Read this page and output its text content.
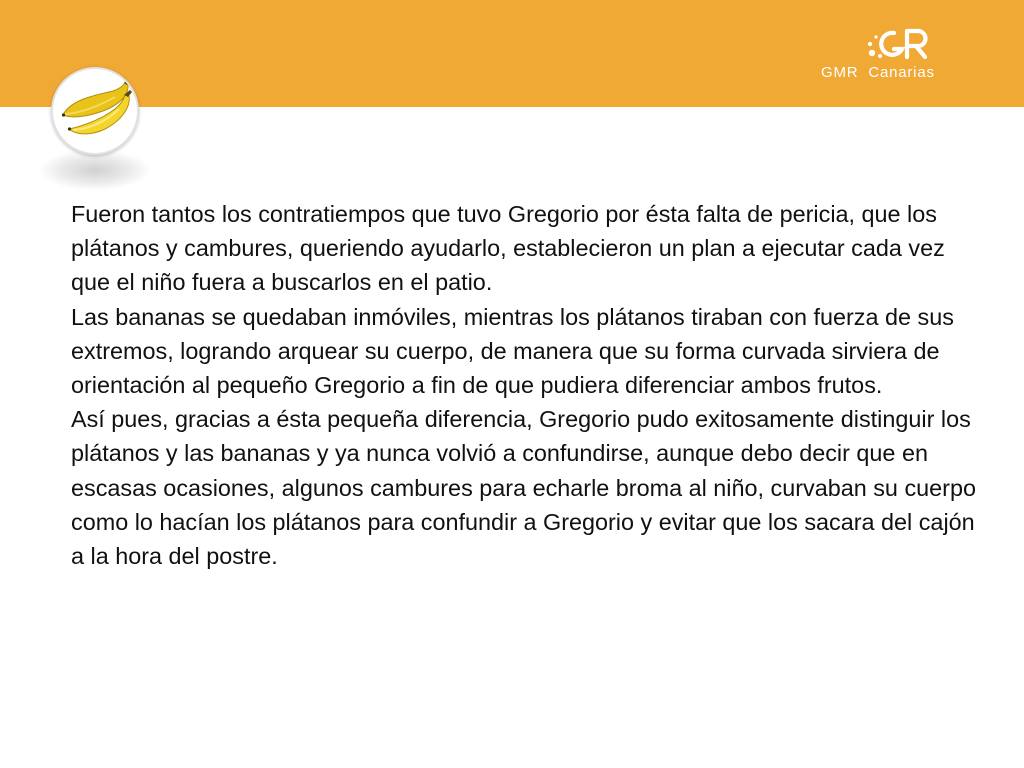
GMR  Canarias

Fueron tantos los contratiempos que tuvo Gregorio por ésta falta de pericia, que los plátanos y cambures, queriendo ayudarlo, establecieron un plan a ejecutar cada vez que el niño fuera a buscarlos en el patio.

Las bananas se quedaban inmóviles, mientras los plátanos tiraban con fuerza de sus extremos, logrando arquear su cuerpo, de manera que su forma curvada sirviera de orientación al pequeño Gregorio a fin de que pudiera diferenciar ambos frutos.

Así pues, gracias a ésta pequeña diferencia, Gregorio pudo exitosamente distinguir los plátanos y las bananas y ya nunca volvió a confundirse, aunque debo decir que en escasas ocasiones, algunos cambures para echarle broma al niño, curvaban su cuerpo como lo hacían los plátanos para confundir a Gregorio y evitar que los sacara del cajón a la hora del postre.
